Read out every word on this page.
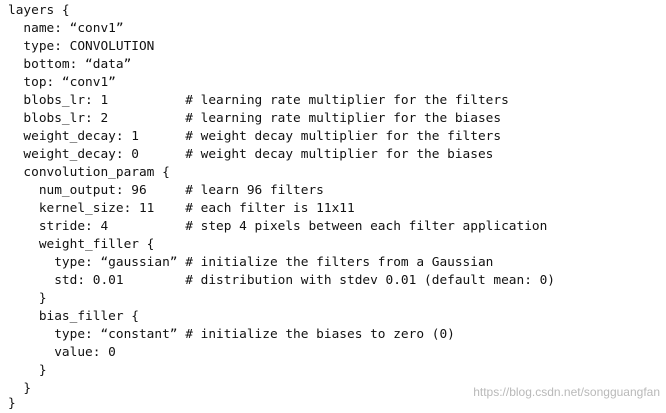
layers {
name: “conv1”
type: CONVOLUTION
bottom: “data”
top: “conv1”
blobs_lr: 1          # learning rate multiplier for the filters
blobs_lr: 2          # learning rate multiplier for the biases
weight_decay: 1      # weight decay multiplier for the filters
weight_decay: 0      # weight decay multiplier for the biases
convolution_param {
num_output: 96     # learn 96 filters
kernel_size: 11    # each filter is 11x11
stride: 4          # step 4 pixels between each filter application
weight_filler {
type: “gaussian” # initialize the filters from a Gaussian
std: 0.01        # distribution with stdev 0.01 (default mean: 0)
}
bias_filler {
type: “constant” # initialize the biases to zero (0)
value: 0
}
}
}
https://blog.csdn.net/songguangfan
